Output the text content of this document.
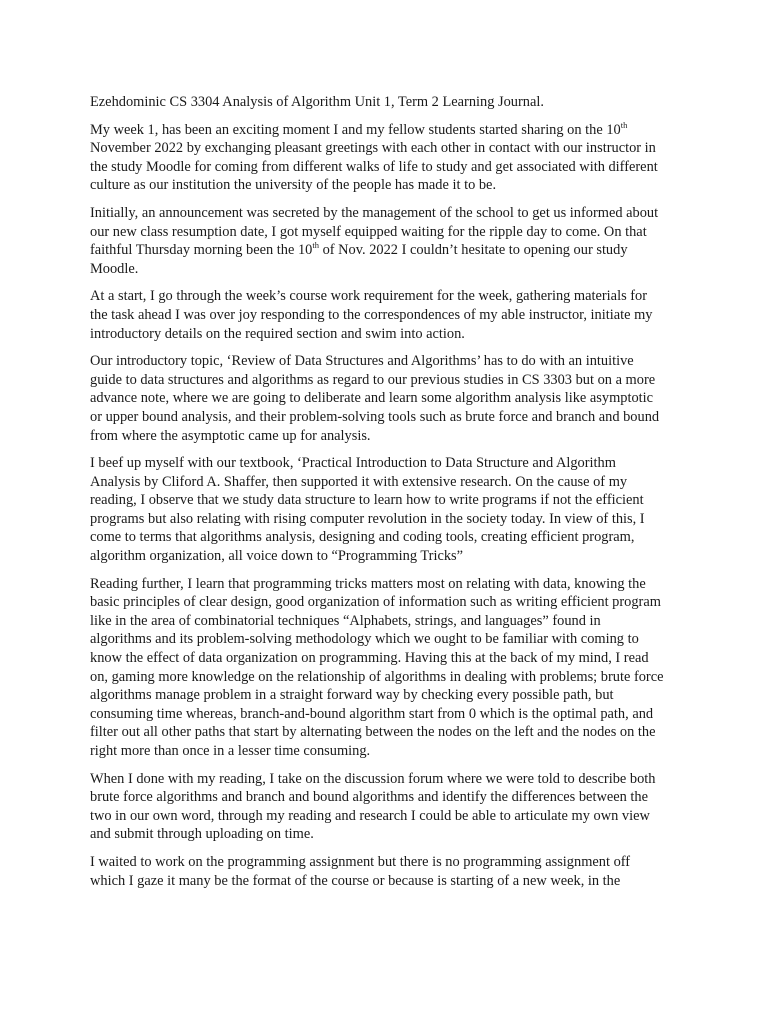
Ezehdominic CS 3304 Analysis of Algorithm Unit 1, Term 2 Learning Journal.

My week 1, has been an exciting moment I and my fellow students started sharing on the 10th November 2022 by exchanging pleasant greetings with each other in contact with our instructor in the study Moodle for coming from different walks of life to study and get associated with different culture as our institution the university of the people has made it to be.

Initially, an announcement was secreted by the management of the school to get us informed about our new class resumption date, I got myself equipped waiting for the ripple day to come. On that faithful Thursday morning been the 10th of Nov. 2022 I couldn’t hesitate to opening our study Moodle.

At a start, I go through the week’s course work requirement for the week, gathering materials for the task ahead I was over joy responding to the correspondences of my able instructor, initiate my introductory details on the required section and swim into action.

Our introductory topic, ‘Review of Data Structures and Algorithms’ has to do with an intuitive guide to data structures and algorithms as regard to our previous studies in CS 3303 but on a more advance note, where we are going to deliberate and learn some algorithm analysis like asymptotic or upper bound analysis, and their problem-solving tools such as brute force and branch and bound from where the asymptotic came up for analysis.

I beef up myself with our textbook, ‘Practical Introduction to Data Structure and Algorithm Analysis by Cliford A. Shaffer, then supported it with extensive research. On the cause of my reading, I observe that we study data structure to learn how to write programs if not the efficient programs but also relating with rising computer revolution in the society today. In view of this, I come to terms that algorithms analysis, designing and coding tools, creating efficient program, algorithm organization, all voice down to “Programming Tricks”

Reading further, I learn that programming tricks matters most on relating with data, knowing the basic principles of clear design, good organization of information such as writing efficient program like in the area of combinatorial techniques “Alphabets, strings, and languages” found in algorithms and its problem-solving methodology which we ought to be familiar with coming to know the effect of data organization on programming. Having this at the back of my mind, I read on, gaming more knowledge on the relationship of algorithms in dealing with problems; brute force algorithms manage problem in a straight forward way by checking every possible path, but consuming time whereas, branch-and-bound algorithm start from 0 which is the optimal path, and filter out all other paths that start by alternating between the nodes on the left and the nodes on the right more than once in a lesser time consuming.

When I done with my reading, I take on the discussion forum where we were told to describe both brute force algorithms and branch and bound algorithms and identify the differences between the two in our own word, through my reading and research I could be able to articulate my own view and submit through uploading on time.

I waited to work on the programming assignment but there is no programming assignment off which I gaze it many be the format of the course or because is starting of a new week, in the
